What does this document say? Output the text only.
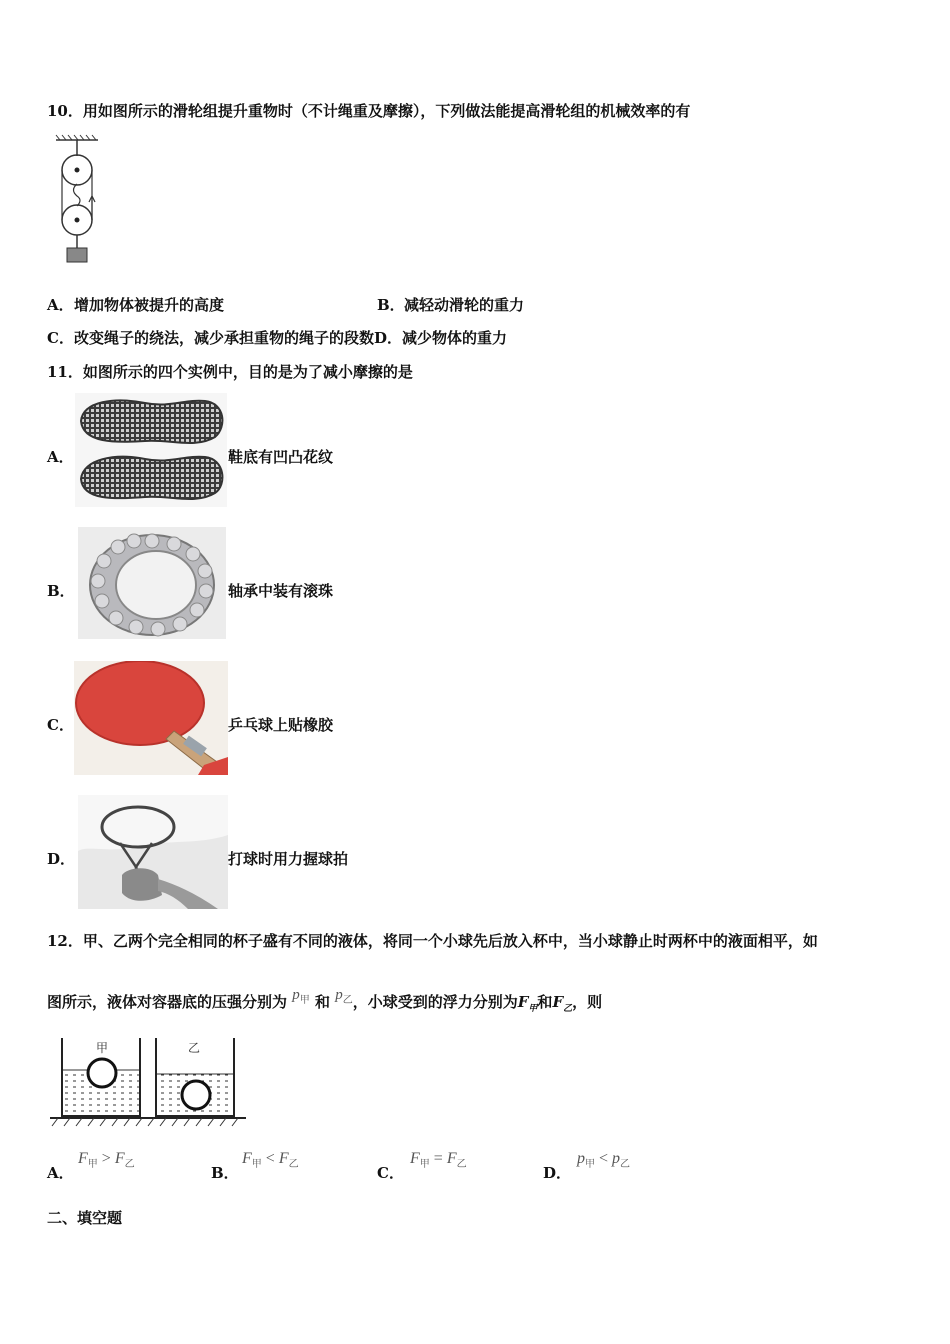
10．用如图所示的滑轮组提升重物时（不计绳重及摩擦），下列做法能提高滑轮组的机械效率的有
A． 增加物体被提升的高度	B． 减轻动滑轮的重力
C．改变绳子的绕法，减少承担重物的绳子的段数D．减少物体的重力
11．如图所示的四个实例中，目的是为了减小摩擦的是
A．	鞋底有凹凸花纹
B．	轴承中装有滚珠
C．	乒乓球上贴橡胶
D．	打球时用力握球拍
12．甲、乙两个完全相同的杯子盛有不同的液体，将同一个小球先后放入杯中，当小球静止时两杯中的液面相平，如
图所示，液体对容器底的压强分别为 $p_甲$ 和 $p_乙$，小球受到的浮力分别为$F_甲$和$F_乙$，则
甲	乙
A．
$F_甲 > F_乙$	B．
$F_甲 < F_乙$	C．
$F_甲 = F_乙$	D．
$p_甲 < p_乙$
二、填空题
